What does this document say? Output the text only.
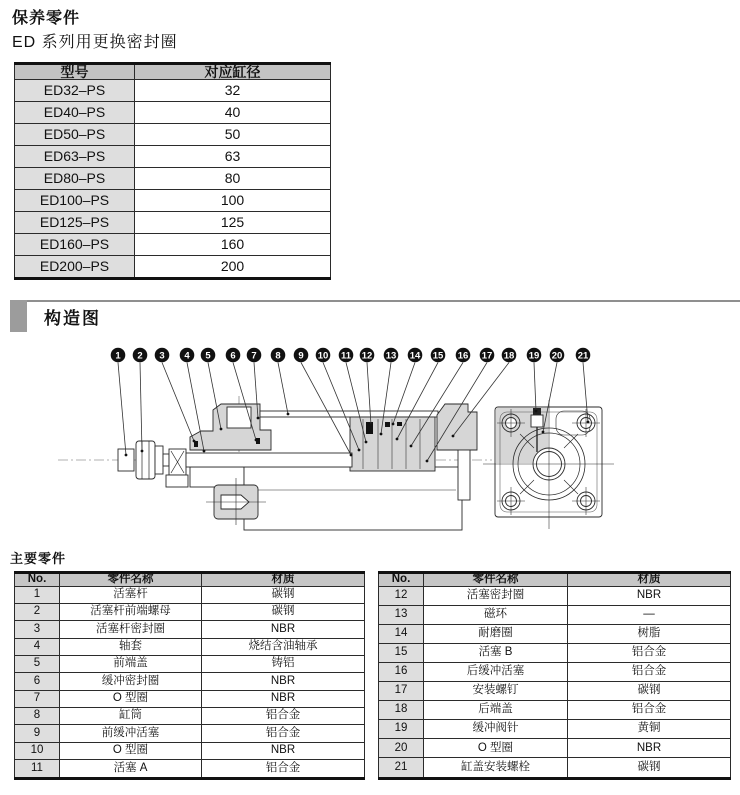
保养零件
ED 系列用更换密封圈
型号	对应缸径
ED32–PS	32
ED40–PS	40
ED50–PS	50
ED63–PS	63
ED80–PS	80
ED100–PS	100
ED125–PS	125
ED160–PS	160
ED200–PS	200
构造图
1 2 3 4 5 6 7 8 9 10 11 12 13 14 15 16 17 18 19 20 21
主要零件
No.	零件名称	材质
1	活塞杆	碳钢
2	活塞杆前端螺母	碳钢
3	活塞杆密封圈	NBR
4	轴套	烧结含油轴承
5	前端盖	铸铝
6	缓冲密封圈	NBR
7	O 型圈	NBR
8	缸筒	铝合金
9	前缓冲活塞	铝合金
10	O 型圈	NBR
11	活塞 A	铝合金
No.	零件名称	材质
12	活塞密封圈	NBR
13	磁环	—
14	耐磨圈	树脂
15	活塞 B	铝合金
16	后缓冲活塞	铝合金
17	安装螺钉	碳钢
18	后端盖	铝合金
19	缓冲阀针	黄铜
20	O 型圈	NBR
21	缸盖安装螺栓	碳钢
